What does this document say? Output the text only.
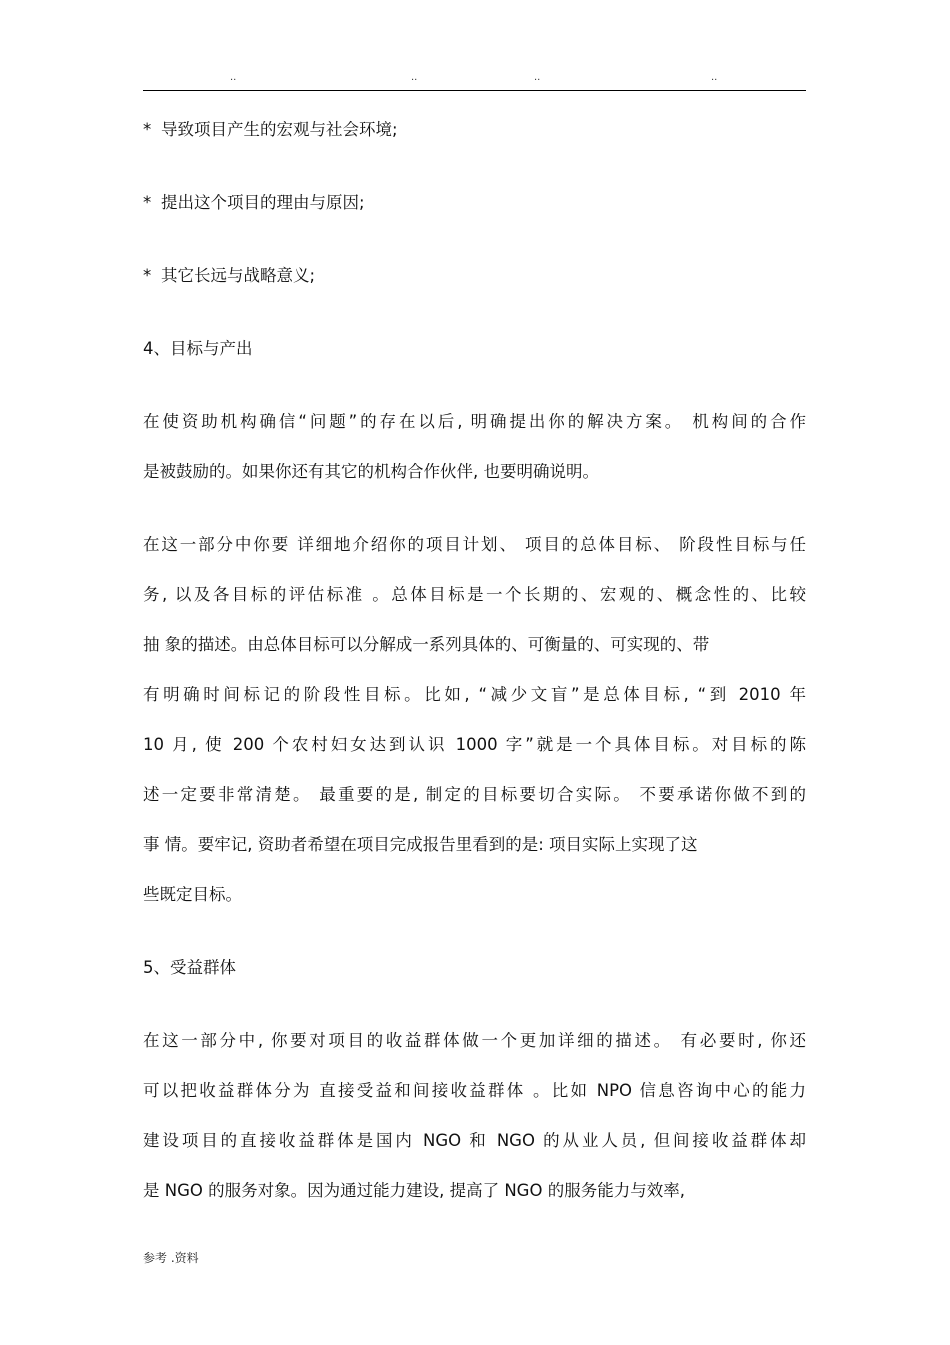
..	..	..	..
* 导致项目产生的宏观与社会环境;
* 提出这个项目的理由与原因;
* 其它长远与战略意义;
4、目标与产出
在使资助机构确信“问题”的存在以后, 明确提出你的解决方案。 机构间的合作
是被鼓励的。如果你还有其它的机构合作伙伴, 也要明确说明。
在这一部分中你要 详细地介绍你的项目计划、 项目的总体目标、 阶段性目标与任
务, 以及各目标的评估标准 。总体目标是一个长期的、宏观的、概念性的、比较
抽 象的描述。由总体目标可以分解成一系列具体的、可衡量的、可实现的、带
有明确时间标记的阶段性目标。比如, “减少文盲”是总体目标, “到 2010 年
10 月, 使 200 个农村妇女达到认识 1000 字”就是一个具体目标。对目标的陈
述一定要非常清楚。 最重要的是, 制定的目标要切合实际。 不要承诺你做不到的
事 情。要牢记, 资助者希望在项目完成报告里看到的是: 项目实际上实现了这
些既定目标。
5、受益群体
在这一部分中, 你要对项目的收益群体做一个更加详细的描述。 有必要时, 你还
可以把收益群体分为 直接受益和间接收益群体 。比如 NPO 信息咨询中心的能力
建设项目的直接收益群体是国内 NGO 和 NGO 的从业人员, 但间接收益群体却
是 NGO 的服务对象。因为通过能力建设, 提高了 NGO 的服务能力与效率,
参考 .资料
